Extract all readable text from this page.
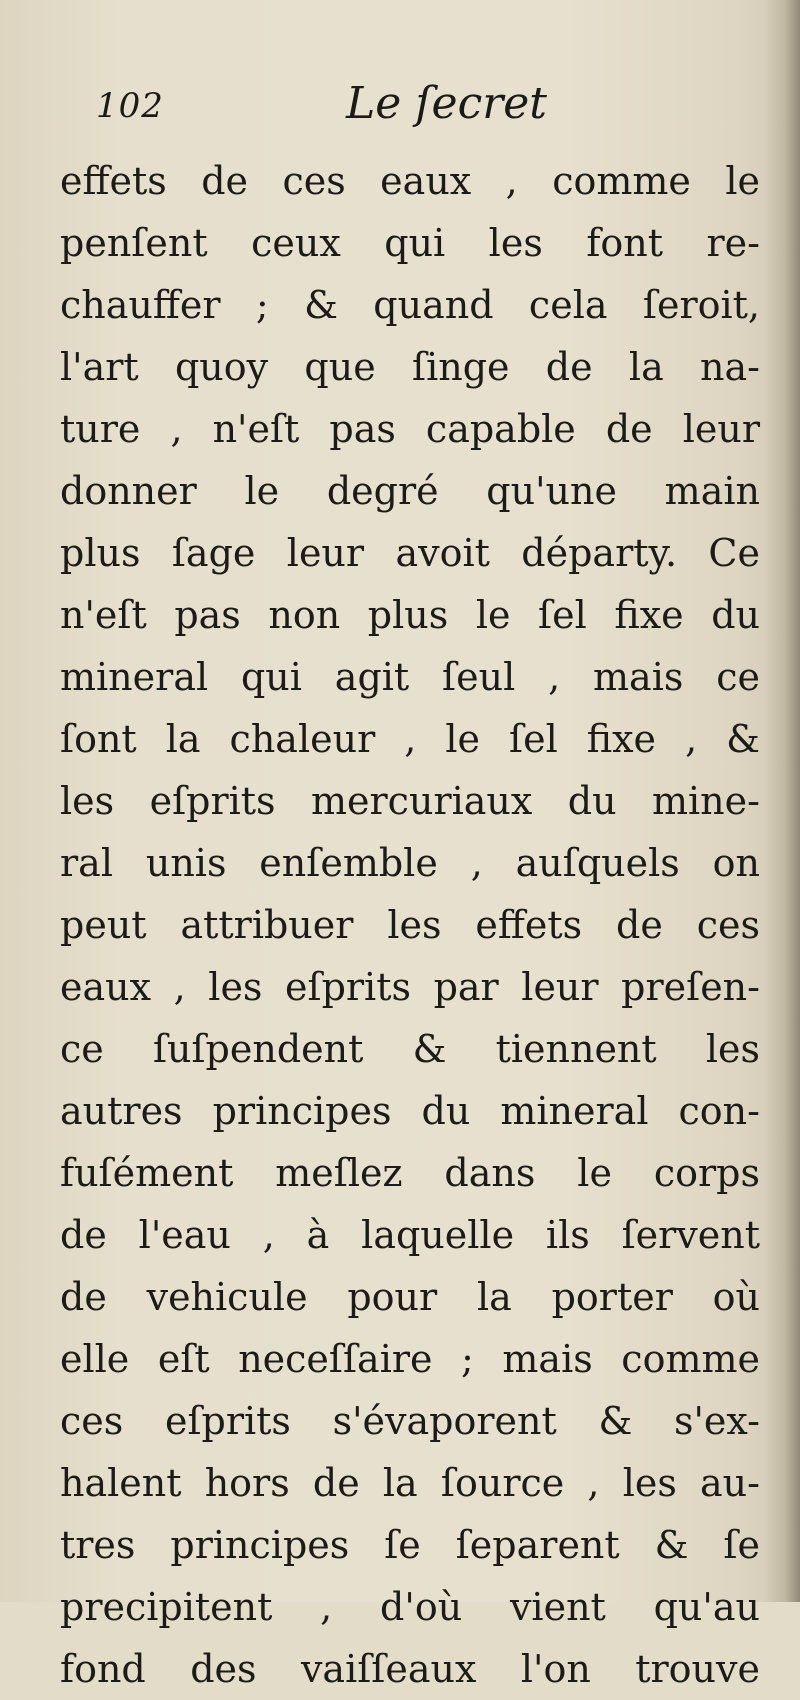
102	Le ſecret
effets de ces eaux , comme le
penſent ceux qui les font re-
chauffer ; & quand cela ſeroit,
l'art quoy que ſinge de la na-
ture , n'eſt pas capable de leur
donner le degré qu'une main
plus ſage leur avoit départy. Ce
n'eſt pas non plus le ſel fixe du
mineral qui agit ſeul , mais ce
ſont la chaleur , le ſel fixe , &
les eſprits mercuriaux du mine-
ral unis enſemble , auſquels on
peut attribuer les effets de ces
eaux , les eſprits par leur preſen-
ce ſuſpendent & tiennent les
autres principes du mineral con-
fuſément meſlez dans le corps
de l'eau , à laquelle ils ſervent
de vehicule pour la porter où
elle eſt neceſſaire ; mais comme
ces eſprits s'évaporent & s'ex-
halent hors de la ſource , les au-
tres principes ſe ſeparent & ſe
precipitent , d'où vient qu'au
fond des vaiſſeaux l'on trouve
